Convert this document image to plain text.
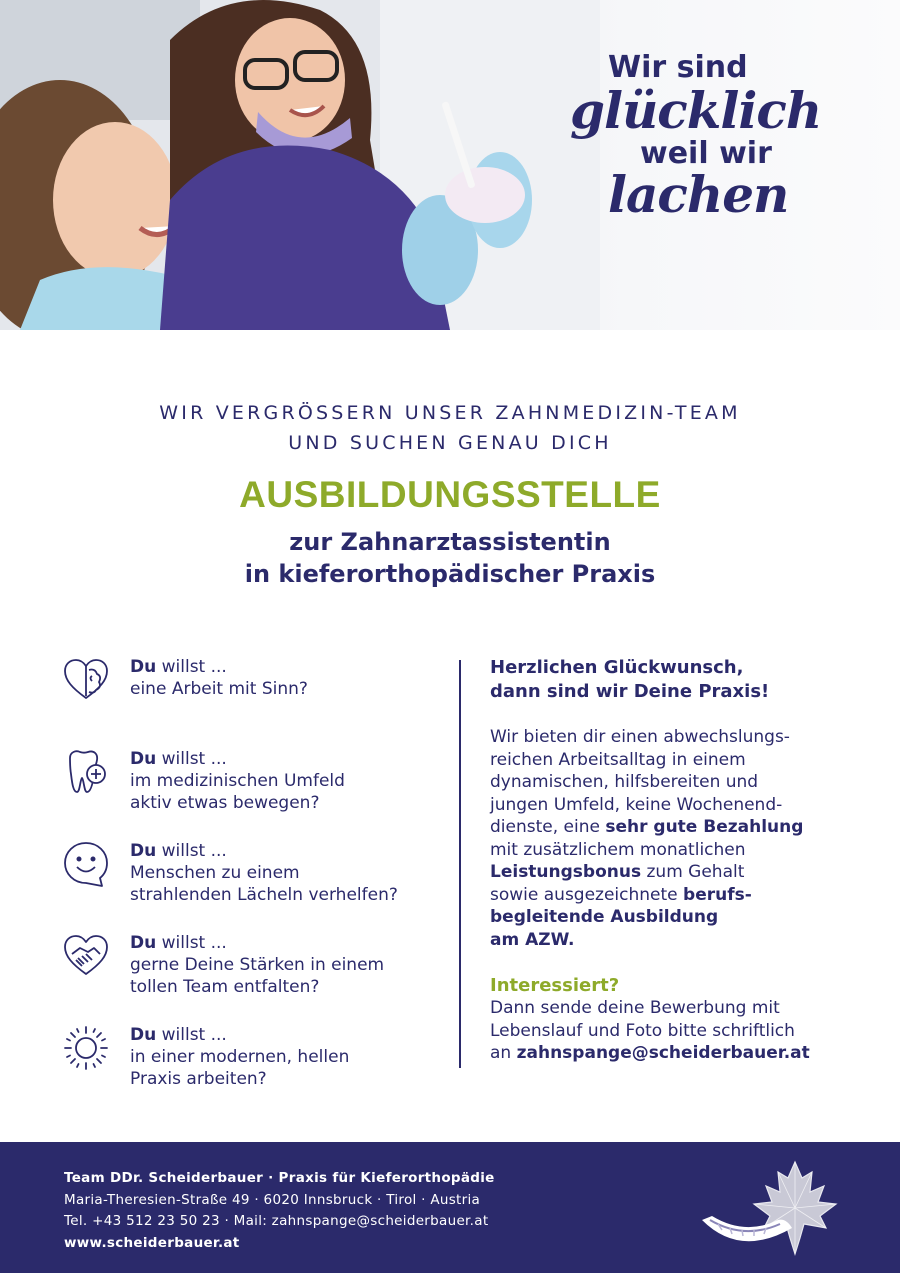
Wir sind
glücklich
weil wir
lachen
WIR VERGRÖSSERN UNSER ZAHNMEDIZIN-TEAM
UND SUCHEN GENAU DICH
AUSBILDUNGSSTELLE
zur Zahnarztassistentin
in kieferorthopädischer Praxis
Du willst ...
eine Arbeit mit Sinn?
Du willst ...
im medizinischen Umfeld
aktiv etwas bewegen?
Du willst ...
Menschen zu einem
strahlenden Lächeln verhelfen?
Du willst ...
gerne Deine Stärken in einem
tollen Team entfalten?
Du willst ...
in einer modernen, hellen
Praxis arbeiten?
Herzlichen Glückwunsch,
dann sind wir Deine Praxis!

Wir bieten dir einen abwechslungs-
reichen Arbeitsalltag in einem
dynamischen, hilfsbereiten und
jungen Umfeld, keine Wochenend-
dienste, eine sehr gute Bezahlung
mit zusätzlichem monatlichen
Leistungsbonus zum Gehalt
sowie ausgezeichnete berufs-
begleitende Ausbildung
am AZW.

Interessiert?
Dann sende deine Bewerbung mit
Lebenslauf und Foto bitte schriftlich
an zahnspange@scheiderbauer.at
Team DDr. Scheiderbauer · Praxis für Kieferorthopädie
Maria-Theresien-Straße 49 · 6020 Innsbruck · Tirol · Austria
Tel. +43 512 23 50 23 · Mail: zahnspange@scheiderbauer.at
www.scheiderbauer.at
